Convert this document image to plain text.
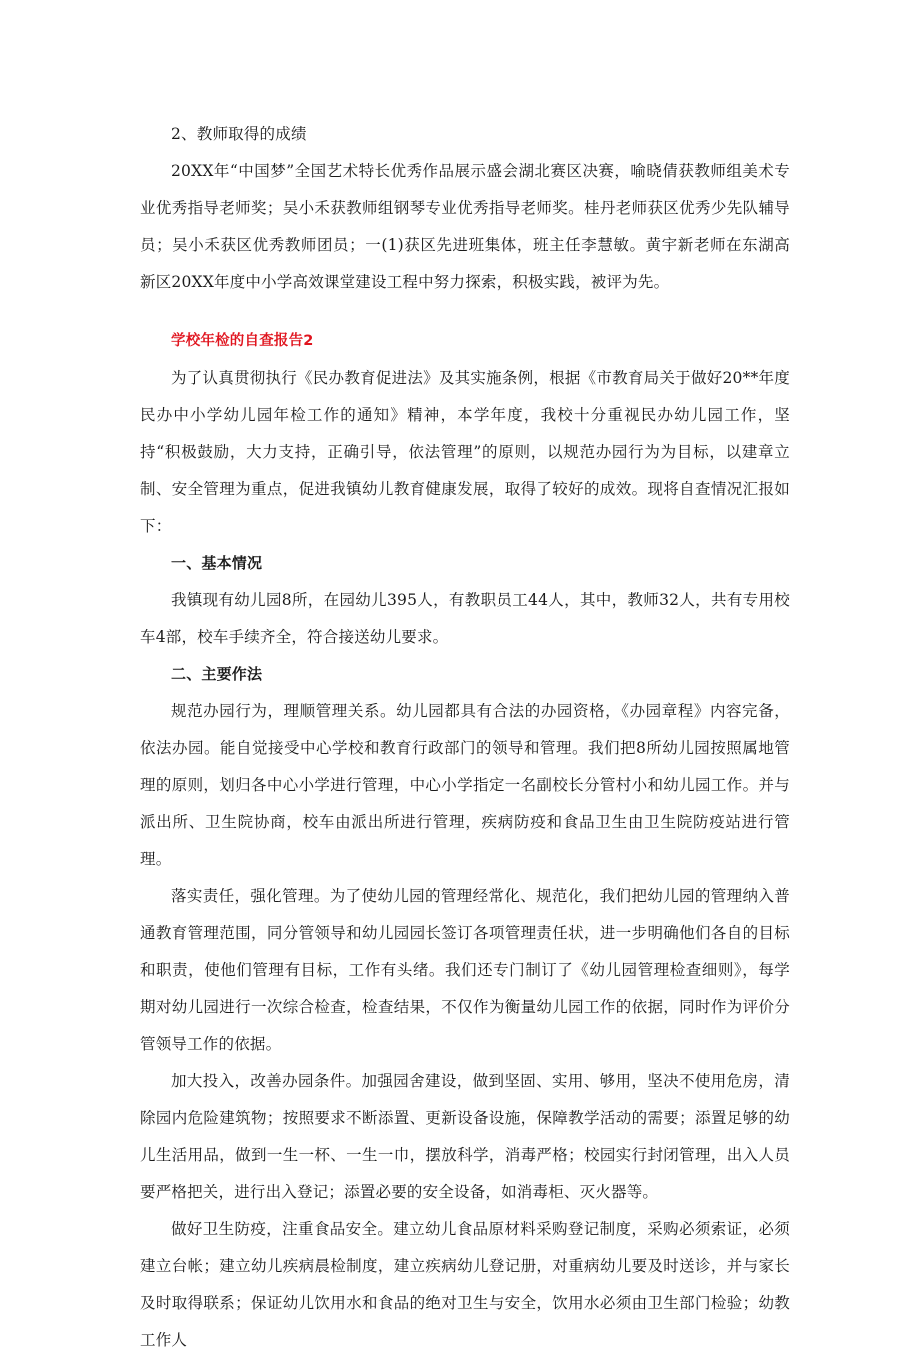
2、教师取得的成绩

20XX年“中国梦”全国艺术特长优秀作品展示盛会湖北赛区决赛，喻晓倩获教师组美术专业优秀指导老师奖；吴小禾获教师组钢琴专业优秀指导老师奖。桂丹老师获区优秀少先队辅导员；吴小禾获区优秀教师团员；一(1)获区先进班集体，班主任李慧敏。黄宇新老师在东湖高新区20XX年度中小学高效课堂建设工程中努力探索，积极实践，被评为先。

学校年检的自查报告2

为了认真贯彻执行《民办教育促进法》及其实施条例，根据《市教育局关于做好20**年度民办中小学幼儿园年检工作的通知》精神，本学年度，我校十分重视民办幼儿园工作，坚持“积极鼓励，大力支持，正确引导，依法管理”的原则，以规范办园行为为目标，以建章立制、安全管理为重点，促进我镇幼儿教育健康发展，取得了较好的成效。现将自查情况汇报如下：

一、基本情况

我镇现有幼儿园8所，在园幼儿395人，有教职员工44人，其中，教师32人，共有专用校车4部，校车手续齐全，符合接送幼儿要求。

二、主要作法

规范办园行为，理顺管理关系。幼儿园都具有合法的办园资格，《办园章程》内容完备，依法办园。能自觉接受中心学校和教育行政部门的领导和管理。我们把8所幼儿园按照属地管理的原则，划归各中心小学进行管理，中心小学指定一名副校长分管村小和幼儿园工作。并与派出所、卫生院协商，校车由派出所进行管理，疾病防疫和食品卫生由卫生院防疫站进行管理。

落实责任，强化管理。为了使幼儿园的管理经常化、规范化，我们把幼儿园的管理纳入普通教育管理范围，同分管领导和幼儿园园长签订各项管理责任状，进一步明确他们各自的目标和职责，使他们管理有目标，工作有头绪。我们还专门制订了《幼儿园管理检查细则》，每学期对幼儿园进行一次综合检查，检查结果，不仅作为衡量幼儿园工作的依据，同时作为评价分管领导工作的依据。

加大投入，改善办园条件。加强园舍建设，做到坚固、实用、够用，坚决不使用危房，清除园内危险建筑物；按照要求不断添置、更新设备设施，保障教学活动的需要；添置足够的幼儿生活用品，做到一生一杯、一生一巾，摆放科学，消毒严格；校园实行封闭管理，出入人员要严格把关，进行出入登记；添置必要的安全设备，如消毒柜、灭火器等。

做好卫生防疫，注重食品安全。建立幼儿食品原材料采购登记制度，采购必须索证，必须建立台帐；建立幼儿疾病晨检制度，建立疾病幼儿登记册，对重病幼儿要及时送诊，并与家长及时取得联系；保证幼儿饮用水和食品的绝对卫生与安全，饮用水必须由卫生部门检验；幼教工作人
